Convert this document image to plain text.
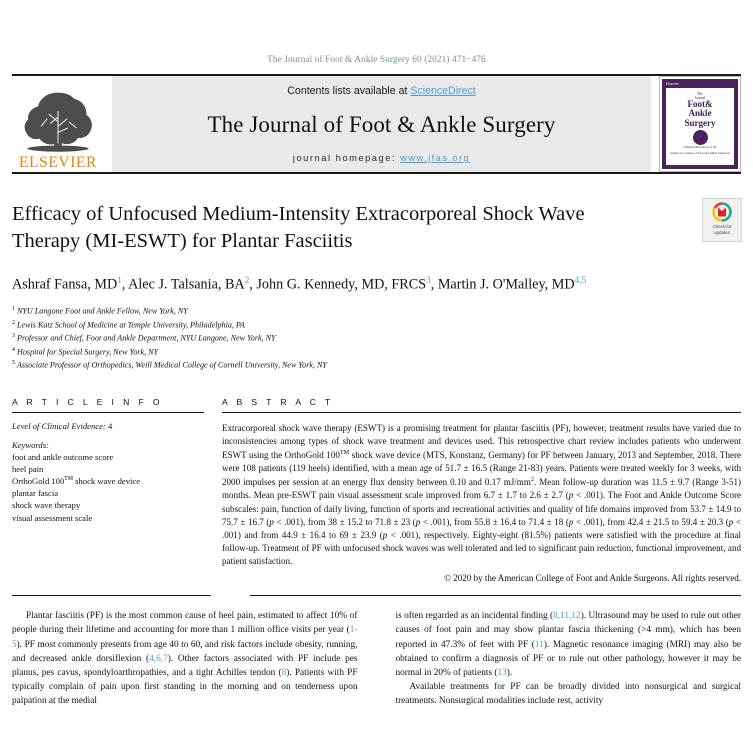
The Journal of Foot & Ankle Surgery 60 (2021) 471−476
ELSEVIER
Contents lists available at ScienceDirect
The Journal of Foot & Ankle Surgery
journal homepage: www.jfas.org
Elsevier
The
Journal
Foot&
Ankle
Surgery
Official Publication of the
American College of Foot and Ankle Surgeons
Efficacy of Unfocused Medium-Intensity Extracorporeal Shock Wave Therapy (MI-ESWT) for Plantar Fasciitis
Ashraf Fansa, $MD^1$, Alec J. Talsania, $BA^2$, John G. Kennedy, MD, FRCS$^3$, Martin J. O'Malley, MD$^{4,5}$
$^1$ NYU Langone Foot and Ankle Fellow, New York, NY
$^2$ Lewis Katz School of Medicine at Temple University, Philadelphia, PA
$^3$ Professor and Chief, Foot and Ankle Department, NYU Langone, New York, NY
$^4$ Hospital for Special Surgery, New York, NY
$^5$ Associate Professor of Orthopedics, Weill Medical College of Cornell University, New York, NY
Check for
updates
A R T I C L E I N F O
Level of Clinical Evidence: 4
Keywords:
foot and ankle outcome score
heel pain
OrthoGold 100™ shock wave device
plantar fascia
shock wave therapy
visual assessment scale
A B S T R A C T
Extracorporeal shock wave therapy (ESWT) is a promising treatment for plantar fasciitis (PF), however, treatment results have varied due to inconsistencies among types of shock wave treatment and devices used. This retrospective chart review includes patients who underwent ESWT using the OrthoGold 100™ shock wave device (MTS, Konstanz, Germany) for PF between January, 2013 and September, 2018. There were 108 patients (119 heels) identified, with a mean age of 51.7 ± 16.5 (Range 21-83) years. Patients were treated weekly for 3 weeks, with 2000 impulses per session at an energy flux density between 0.10 and 0.17 $mJ/mm^2$. Mean follow-up duration was 11.5 ± 9.7 (Range 3-51) months. Mean pre-ESWT pain visual assessment scale improved from 6.7 ± 1.7 to 2.6 ± 2.7 (p < .001). The Foot and Ankle Outcome Score subscales: pain, function of daily living, function of sports and recreational activities and quality of life domains improved from 53.7 ± 14.9 to 75.7 ± 16.7 (p < .001), from 38 ± 15.2 to 71.8 ± 23 (p < .001), from 55.8 ± 16.4 to 71.4 ± 18 (p < .001), from 42.4 ± 21.5 to 59.4 ± 20.3 (p < .001) and from 44.9 ± 16.4 to 69 ± 23.9 (p < .001), respectively. Eighty-eight (81.5%) patients were satisfied with the procedure at final follow-up. Treatment of PF with unfocused shock waves was well tolerated and led to significant pain reduction, functional improvement, and patient satisfaction.
© 2020 by the American College of Foot and Ankle Surgeons. All rights reserved.

Plantar fasciitis (PF) is the most common cause of heel pain, estimated to affect 10% of people during their lifetime and accounting for more than 1 million office visits per year (1-5). PF most commonly presents from age 40 to 60, and risk factors include obesity, running, and decreased ankle dorsiflexion (4,6,7). Other factors associated with PF include pes planus, pes cavus, spondyloarthropathies, and a tight Achilles tendon (8). Patients with PF typically complain of pain upon first standing in the morning and on tenderness upon palpation at the medial

is often regarded as an incidental finding (8,11,12). Ultrasound may be used to rule out other causes of foot pain and may show plantar fascia thickening (>4 mm), which has been reported in 47.3% of feet with PF (11). Magnetic resonance imaging (MRI) may also be obtained to confirm a diagnosis of PF or to rule out other pathology, however it may be normal in 20% of patients (13).

Available treatments for PF can be broadly divided into nonsurgical and surgical treatments. Nonsurgical modalities include rest, activity
